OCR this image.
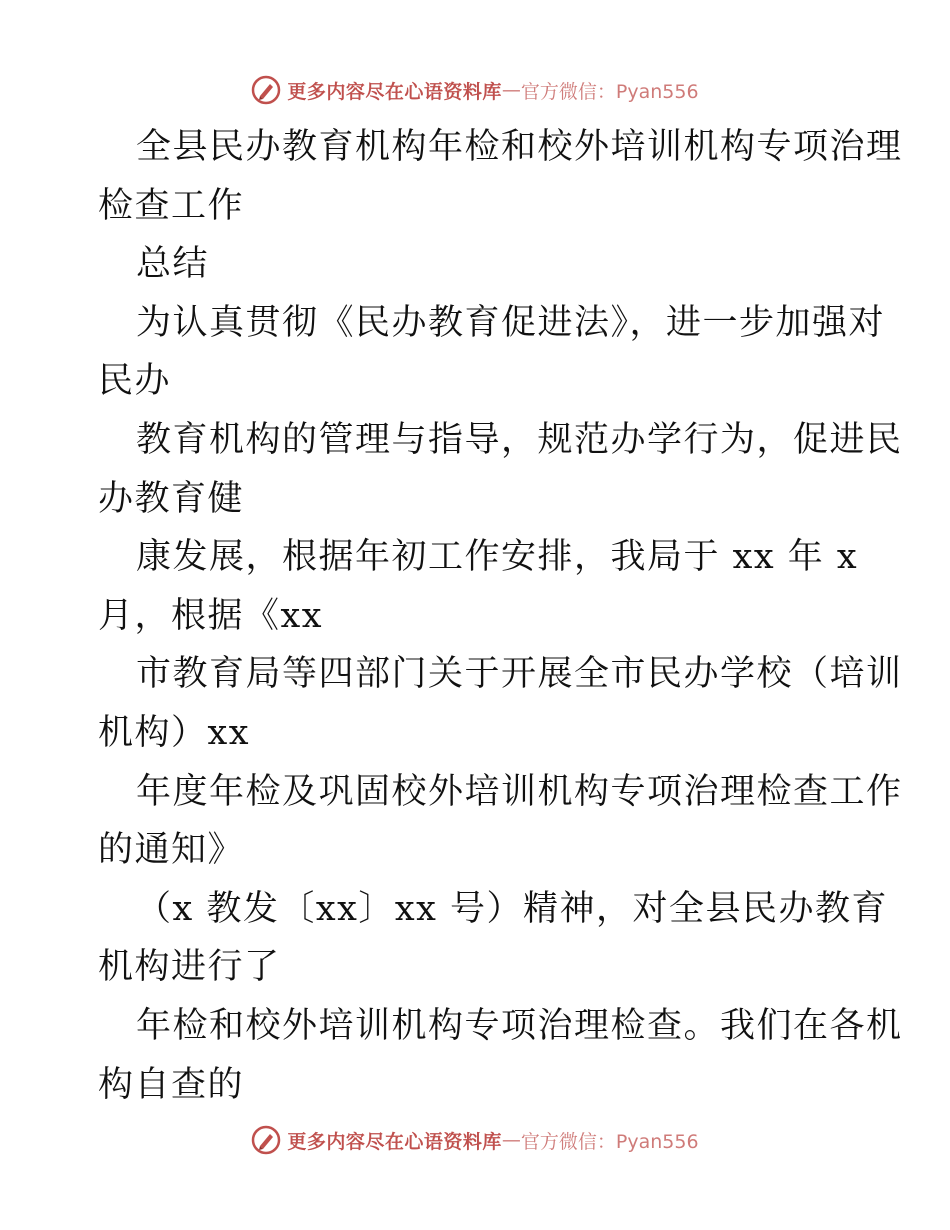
更多内容尽在心语资料库 — 官方微信：Pyan556
全县民办教育机构年检和校外培训机构专项治理
检查工作
总结
为认真贯彻《民办教育促进法》，进一步加强对
民办
教育机构的管理与指导，规范办学行为，促进民
办教育健
康发展，根据年初工作安排，我局于 xx 年 x
月，根据《xx
市教育局等四部门关于开展全市民办学校（培训
机构）xx
年度年检及巩固校外培训机构专项治理检查工作
的通知》
（x 教发〔xx〕xx 号）精神，对全县民办教育
机构进行了
年检和校外培训机构专项治理检查。我们在各机
构自查的
更多内容尽在心语资料库 — 官方微信：Pyan556
